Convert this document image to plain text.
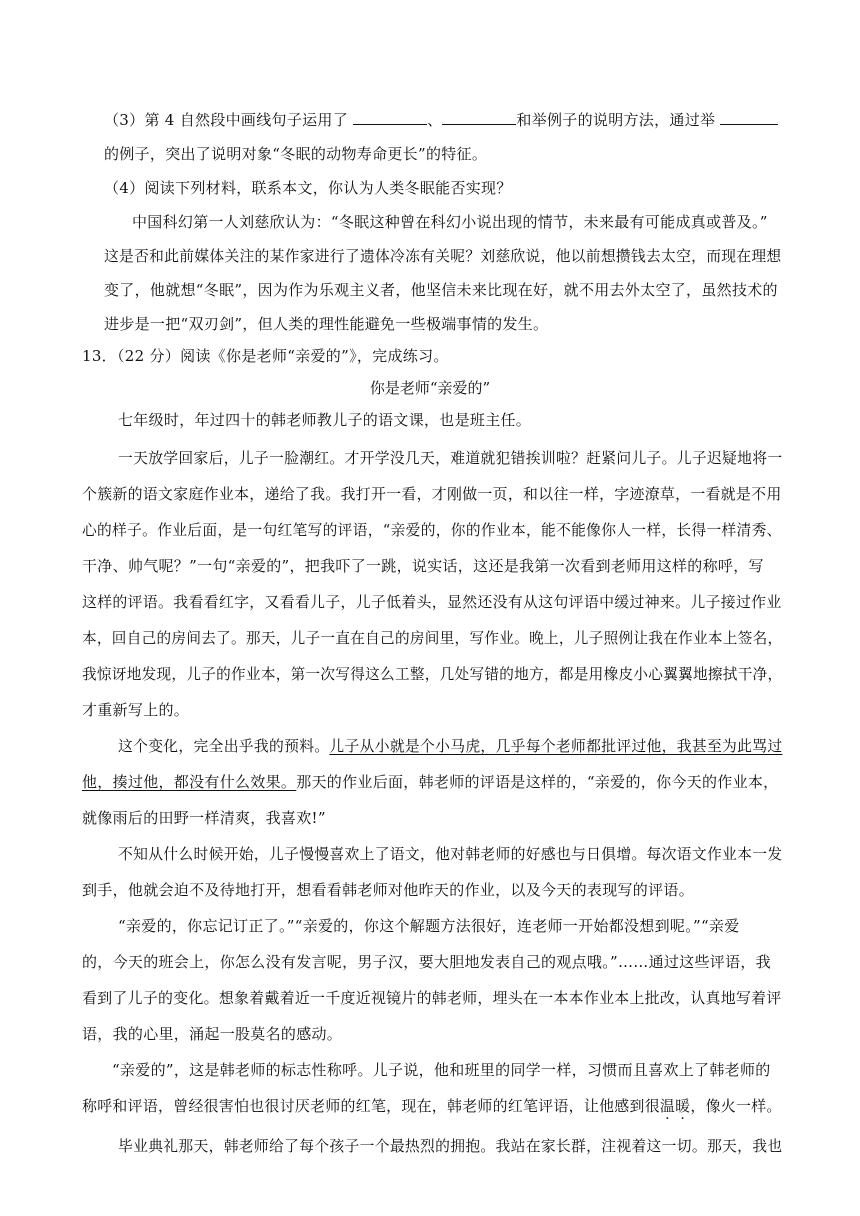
（3）第 4 自然段中画线句子运用了	、	和举例子的说明方法，通过举
的例子，突出了说明对象“冬眠的动物寿命更长”的特征。
（4）阅读下列材料，联系本文，你认为人类冬眠能否实现？
中国科幻第一人刘慈欣认为：“冬眠这种曾在科幻小说出现的情节，未来最有可能成真或普及。”
这是否和此前媒体关注的某作家进行了遗体冷冻有关呢？刘慈欣说，他以前想攒钱去太空，而现在理想
变了，他就想“冬眠”，因为作为乐观主义者，他坚信未来比现在好，就不用去外太空了，虽然技术的
进步是一把“双刃剑”，但人类的理性能避免一些极端事情的发生。
13．（22 分）阅读《你是老师“亲爱的”》，完成练习。
你是老师“亲爱的”
七年级时，年过四十的韩老师教儿子的语文课，也是班主任。
一天放学回家后，儿子一脸潮红。才开学没几天，难道就犯错挨训啦？赶紧问儿子。儿子迟疑地将一
个簇新的语文家庭作业本，递给了我。我打开一看，才刚做一页，和以往一样，字迹潦草，一看就是不用
心的样子。作业后面，是一句红笔写的评语，“亲爱的，你的作业本，能不能像你人一样，长得一样清秀、
干净、帅气呢？”一句“亲爱的”，把我吓了一跳，说实话，这还是我第一次看到老师用这样的称呼，写
这样的评语。我看看红字，又看看儿子，儿子低着头，显然还没有从这句评语中缓过神来。儿子接过作业
本，回自己的房间去了。那天，儿子一直在自己的房间里，写作业。晚上，儿子照例让我在作业本上签名，
我惊讶地发现，儿子的作业本，第一次写得这么工整，几处写错的地方，都是用橡皮小心翼翼地擦拭干净，
才重新写上的。
这个变化，完全出乎我的预料。儿子从小就是个小马虎，几乎每个老师都批评过他，我甚至为此骂过
他，揍过他，都没有什么效果。那天的作业后面，韩老师的评语是这样的，“亲爱的，你今天的作业本，
就像雨后的田野一样清爽，我喜欢!”
不知从什么时候开始，儿子慢慢喜欢上了语文，他对韩老师的好感也与日俱增。每次语文作业本一发
到手，他就会迫不及待地打开，想看看韩老师对他昨天的作业，以及今天的表现写的评语。
“亲爱的，你忘记订正了。”“亲爱的，你这个解题方法很好，连老师一开始都没想到呢。”“亲爱
的，今天的班会上，你怎么没有发言呢，男子汉，要大胆地发表自己的观点哦。”……通过这些评语，我
看到了儿子的变化。想象着戴着近一千度近视镜片的韩老师，埋头在一本本作业本上批改，认真地写着评
语，我的心里，涌起一股莫名的感动。
“亲爱的”，这是韩老师的标志性称呼。儿子说，他和班里的同学一样，习惯而且喜欢上了韩老师的
称呼和评语，曾经很害怕也很讨厌老师的红笔，现在，韩老师的红笔评语，让他感到很温暖，像火一样。
毕业典礼那天，韩老师给了每个孩子一个最热烈的拥抱。我站在家长群，注视着这一切。那天，我也
